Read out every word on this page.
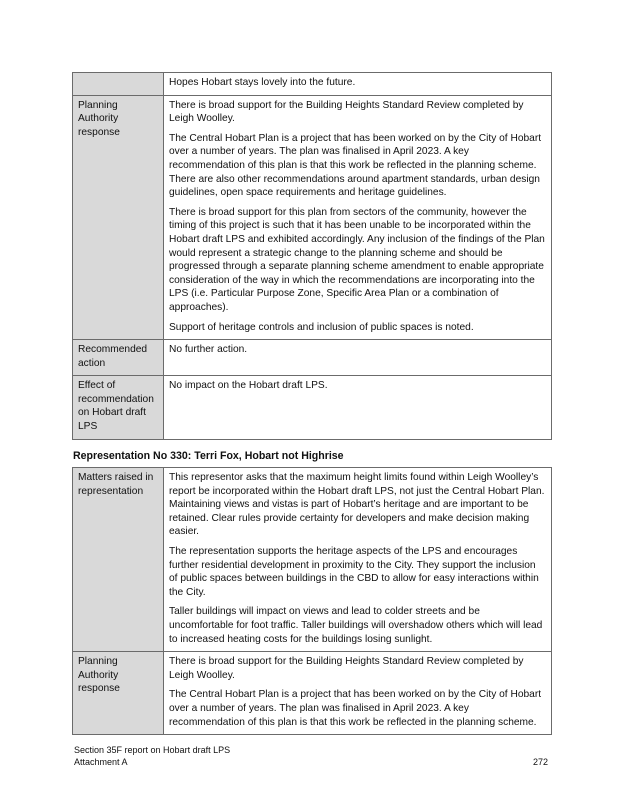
	Hopes Hobart stays lovely into the future.

Planning Authority response	There is broad support for the Building Heights Standard Review completed by Leigh Woolley.

The Central Hobart Plan is a project that has been worked on by the City of Hobart over a number of years. The plan was finalised in April 2023. A key recommendation of this plan is that this work be reflected in the planning scheme. There are also other recommendations around apartment standards, urban design guidelines, open space requirements and heritage guidelines.

There is broad support for this plan from sectors of the community, however the timing of this project is such that it has been unable to be incorporated within the Hobart draft LPS and exhibited accordingly. Any inclusion of the findings of the Plan would represent a strategic change to the planning scheme and should be progressed through a separate planning scheme amendment to enable appropriate consideration of the way in which the recommendations are incorporating into the LPS (i.e. Particular Purpose Zone, Specific Area Plan or a combination of approaches).

Support of heritage controls and inclusion of public spaces is noted.

Recommended action	No further action.

Effect of recommendation on Hobart draft LPS	No impact on the Hobart draft LPS.

Representation No 330: Terri Fox, Hobart not Highrise
Matters raised in representation	This representor asks that the maximum height limits found within Leigh Woolley’s report be incorporated within the Hobart draft LPS, not just the Central Hobart Plan. Maintaining views and vistas is part of Hobart’s heritage and are important to be retained. Clear rules provide certainty for developers and make decision making easier.

The representation supports the heritage aspects of the LPS and encourages further residential development in proximity to the City. They support the inclusion of public spaces between buildings in the CBD to allow for easy interactions within the City.

Taller buildings will impact on views and lead to colder streets and be uncomfortable for foot traffic. Taller buildings will overshadow others which will lead to increased heating costs for the buildings losing sunlight.

Planning Authority response	There is broad support for the Building Heights Standard Review completed by Leigh Woolley.

The Central Hobart Plan is a project that has been worked on by the City of Hobart over a number of years. The plan was finalised in April 2023. A key recommendation of this plan is that this work be reflected in the planning scheme.

Section 35F report on Hobart draft LPS
Attachment A	272
